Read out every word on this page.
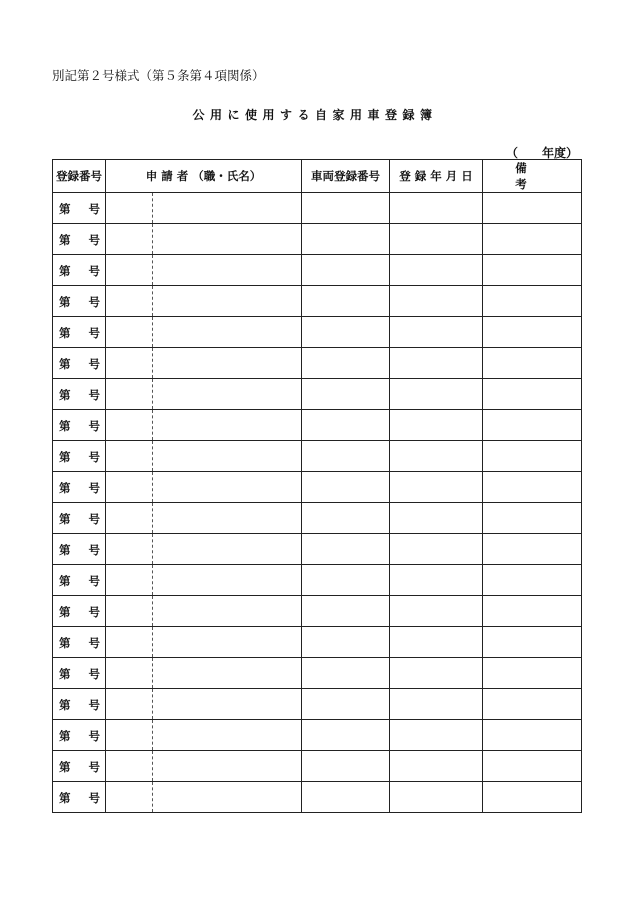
別記第２号様式（第５条第４項関係）
公用に使用する自家用車登録簿
（ 年度）
登録番号	申 請 者 （職・氏名）		車両登録番号	登 録 年 月 日	備　考

第 号					

第 号					

第 号					

第 号					

第 号					

第 号					

第 号					

第 号					

第 号					

第 号					

第 号					

第 号					

第 号					

第 号					

第 号					

第 号					

第 号					

第 号					

第 号					

第 号					
